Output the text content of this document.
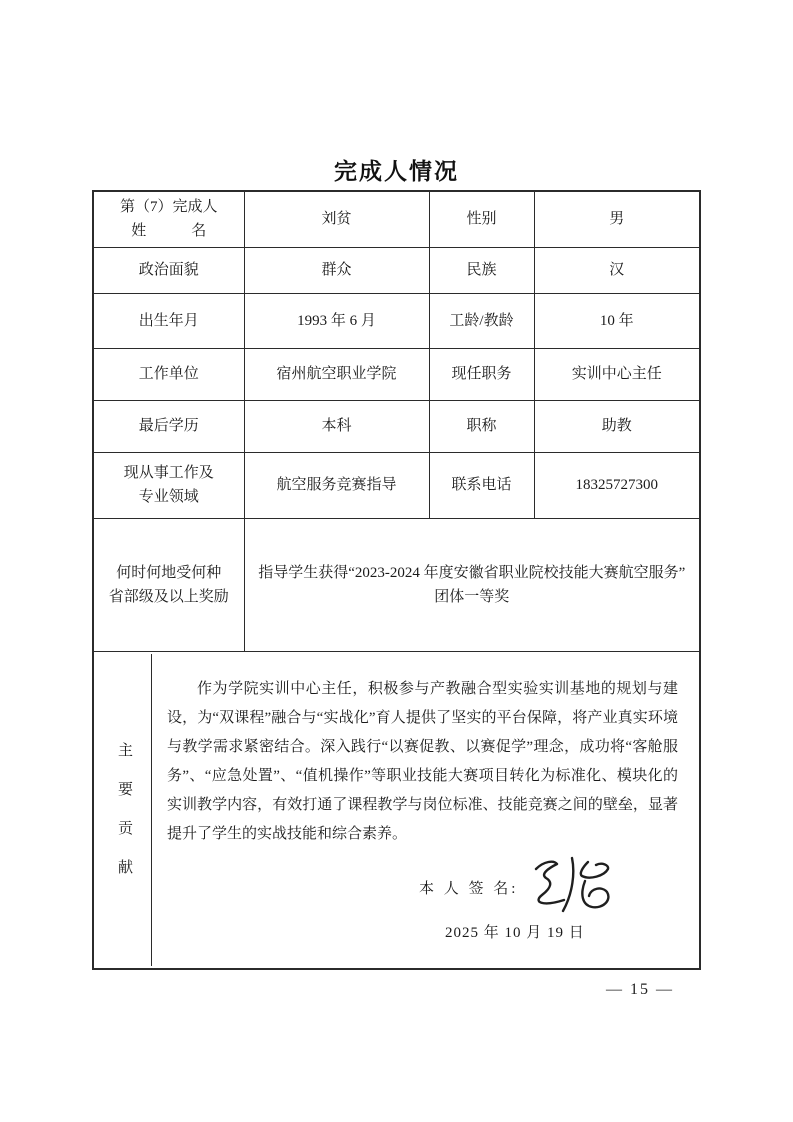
完成人情况
第（7）完成人
姓　　　名	刘贫	性别	男
政治面貌	群众	民族	汉
出生年月	1993 年 6 月	工龄/教龄	10 年
工作单位	宿州航空职业学院	现任职务	实训中心主任
最后学历	本科	职称	助教

现从事工作及
专业领域	航空服务竞赛指导	联系电话	18325727300

何时何地受何种
省部级及以上奖励	指导学生获得“2023-2024 年度安徽省职业院校技能大赛航空服务” 团体一等奖		

主
要
贡
献
作为学院实训中心主任，积极参与产教融合型实验实训基地的规划与建设，为“双课程”融合与“实战化”育人提供了坚实的平台保障，将产业真实环境与教学需求紧密结合。深入践行“以赛促教、以赛促学”理念，成功将“客舱服务”、“应急处置”、“值机操作”等职业技能大赛项目转化为标准化、模块化的实训教学内容，有效打通了课程教学与岗位标准、技能竞赛之间的壁垒，显著提升了学生的实战技能和综合素养。
本 人 签 名:
2025 年 10 月 19 日
— 15 —
